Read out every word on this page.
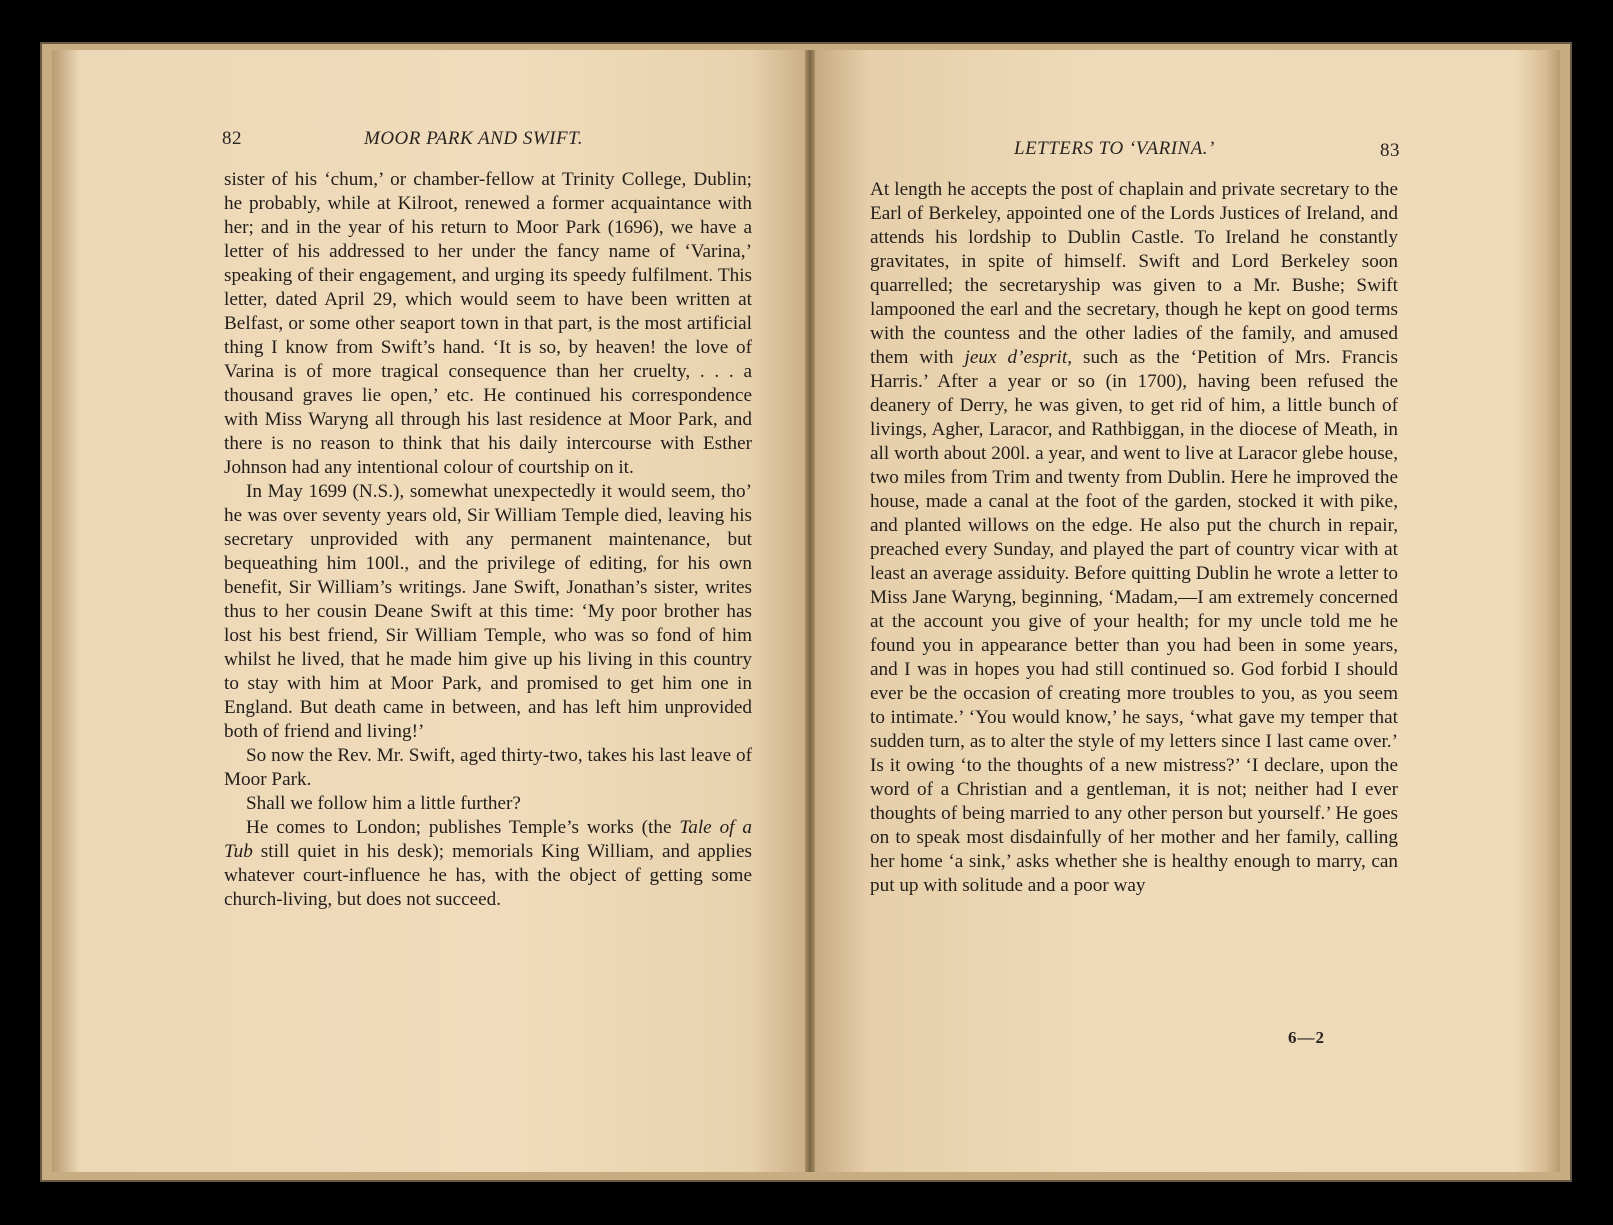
82	MOOR PARK AND SWIFT.

sister of his ‘chum,’ or chamber-fellow at Trinity College, Dublin; he probably, while at Kilroot, renewed a former acquaintance with her; and in the year of his return to Moor Park (1696), we have a letter of his addressed to her under the fancy name of ‘Varina,’ speaking of their engagement, and urging its speedy fulfilment. This letter, dated April 29, which would seem to have been written at Belfast, or some other seaport town in that part, is the most artificial thing I know from Swift’s hand. ‘It is so, by heaven! the love of Varina is of more tragical consequence than her cruelty, . . . a thousand graves lie open,’ etc. He continued his correspondence with Miss Waryng all through his last residence at Moor Park, and there is no reason to think that his daily intercourse with Esther Johnson had any intentional colour of courtship on it.

In May 1699 (N.S.), somewhat unexpectedly it would seem, tho’ he was over seventy years old, Sir William Temple died, leaving his secretary unprovided with any permanent maintenance, but bequeathing him 100l., and the privilege of editing, for his own benefit, Sir William’s writings. Jane Swift, Jonathan’s sister, writes thus to her cousin Deane Swift at this time: ‘My poor brother has lost his best friend, Sir William Temple, who was so fond of him whilst he lived, that he made him give up his living in this country to stay with him at Moor Park, and promised to get him one in England. But death came in between, and has left him unprovided both of friend and living!’

So now the Rev. Mr. Swift, aged thirty-two, takes his last leave of Moor Park.

Shall we follow him a little further?

He comes to London; publishes Temple’s works (the Tale of a Tub still quiet in his desk); memorials King William, and applies whatever court-influence he has, with the object of getting some church-living, but does not succeed.

LETTERS TO ‘VARINA.’	83

At length he accepts the post of chaplain and private secretary to the Earl of Berkeley, appointed one of the Lords Justices of Ireland, and attends his lordship to Dublin Castle. To Ireland he constantly gravitates, in spite of himself. Swift and Lord Berkeley soon quarrelled; the secretaryship was given to a Mr. Bushe; Swift lampooned the earl and the secretary, though he kept on good terms with the countess and the other ladies of the family, and amused them with jeux d’esprit, such as the ‘Petition of Mrs. Francis Harris.’ After a year or so (in 1700), having been refused the deanery of Derry, he was given, to get rid of him, a little bunch of livings, Agher, Laracor, and Rathbiggan, in the diocese of Meath, in all worth about 200l. a year, and went to live at Laracor glebe house, two miles from Trim and twenty from Dublin. Here he improved the house, made a canal at the foot of the garden, stocked it with pike, and planted willows on the edge. He also put the church in repair, preached every Sunday, and played the part of country vicar with at least an average assiduity. Before quitting Dublin he wrote a letter to Miss Jane Waryng, beginning, ‘Madam,—I am extremely concerned at the account you give of your health; for my uncle told me he found you in appearance better than you had been in some years, and I was in hopes you had still continued so. God forbid I should ever be the occasion of creating more troubles to you, as you seem to intimate.’ ‘You would know,’ he says, ‘what gave my temper that sudden turn, as to alter the style of my letters since I last came over.’ Is it owing ‘to the thoughts of a new mistress?’ ‘I declare, upon the word of a Christian and a gentleman, it is not; neither had I ever thoughts of being married to any other person but yourself.’ He goes on to speak most disdainfully of her mother and her family, calling her home ‘a sink,’ asks whether she is healthy enough to marry, can put up with solitude and a poor way

6—2
